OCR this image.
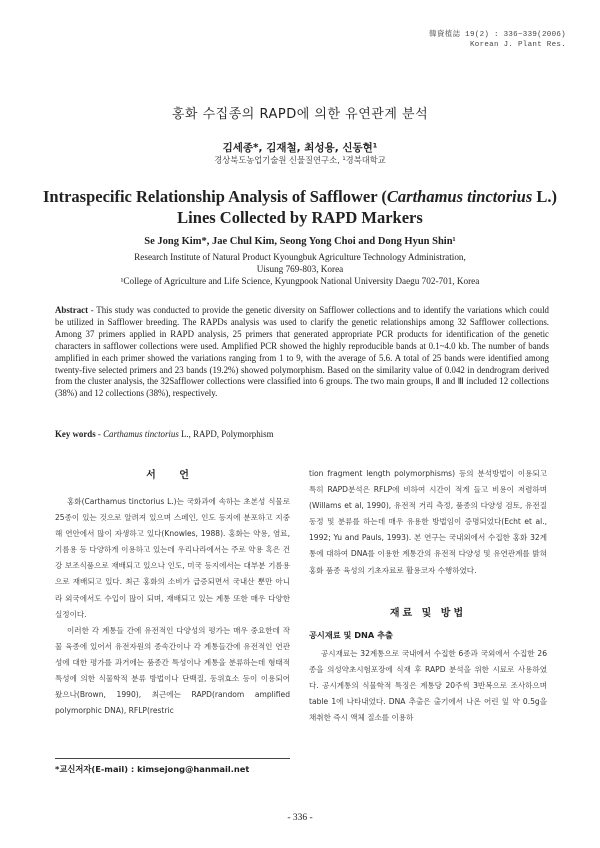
韓資植誌 19(2) : 336~339(2006)
Korean J. Plant Res.
홍화 수집종의 RAPD에 의한 유연관계 분석
김세종*, 김재철, 최성용, 신동현¹
경상북도농업기술원 신물질연구소, ¹경북대학교
Intraspecific Relationship Analysis of Safflower (Carthamus tinctorius L.) Lines Collected by RAPD Markers
Se Jong Kim*, Jae Chul Kim, Seong Yong Choi and Dong Hyun Shin¹
Research Institute of Natural Product Kyoungbuk Agriculture Technology Administration,
Uisung 769-803, Korea
¹College of Agriculture and Life Science, Kyungpook National University Daegu 702-701, Korea
Abstract - This study was conducted to provide the genetic diversity on Safflower collections and to identify the variations which could be utilized in Safflower breeding. The RAPDs analysis was used to clarify the genetic relationships among 32 Safflower collections. Among 37 primers applied in RAPD analysis, 25 primers that generated appropriate PCR products for identification of the genetic characters in safflower collections were used. Amplified PCR showed the highly reproducible bands at 0.1~4.0 kb. The number of bands amplified in each primer showed the variations ranging from 1 to 9, with the average of 5.6. A total of 25 bands were identified among twenty-five selected primers and 23 bands (19.2%) showed polymorphism. Based on the similarity value of 0.042 in dendrogram derived from the cluster analysis, the 32Safflower collections were classified into 6 groups. The two main groups, Ⅱ and Ⅲ included 12 collections (38%) and 12 collections (38%), respectively.
Key words - Carthamus tinctorius L., RAPD, Polymorphism
서 언

홍화(Carthamus tinctorius L.)는 국화과에 속하는 초본성 식물로 25종이 있는 것으로 알려져 있으며 스페인, 인도 등지에 분포하고 지중해 연안에서 많이 자생하고 있다(Knowles, 1988). 홍화는 약용, 염료, 기름용 등 다양하게 이용하고 있는데 우리나라에서는 주로 약용 혹은 건강 보조식품으로 재배되고 있으나 인도, 미국 등지에서는 대부분 기름용으로 재배되고 있다. 최근 홍화의 소비가 급증되면서 국내산 뿐만 아니라 외국에서도 수입이 많이 되며, 재배되고 있는 계통 또한 매우 다양한 실정이다.

이러한 각 계통들 간에 유전적인 다양성의 평가는 매우 중요한데 작물 육종에 있어서 유전자원의 종속간이나 각 계통들간에 유전적인 연관성에 대한 평가를 과거에는 품종간 특성이나 계통을 분류하는데 형태적 특성에 의한 식물학적 분류 방법이나 단백질, 동위효소 등이 이용되어 왔으나(Brown, 1990), 최근에는 RAPD(random amplified polymorphic DNA), RFLP(restric

tion fragment length polymorphisms) 등의 분석방법이 이용되고 특히 RAPD분석은 RFLP에 비하여 시간이 적게 들고 비용이 저렴하며(Willams et al, 1990), 유전적 거리 측정, 품종의 다양성 검토, 유전질동정 및 분류를 하는데 매우 유용한 방법임이 증명되었다(Echt et al., 1992; Yu and Pauls, 1993). 본 연구는 국내외에서 수집한 홍화 32계통에 대하여 DNA를 이용한 계통간의 유전적 다양성 및 유연관계를 밝혀 홍화 품종 육성의 기초자료로 활용코자 수행하였다.

재료 및 방법
공시재료 및 DNA 추출

공시재료는 32계통으로 국내에서 수집한 6종과 국외에서 수집한 26종을 의성약초시험포장에 식재 후 RAPD 분석을 위한 시료로 사용하였다. 공시계통의 식물학적 특징은 계통당 20주씩 3반복으로 조사하으며 table 1에 나타내었다. DNA 추출은 출기에서 나온 어린 잎 약 0.5g을 채취한 즉시 액체 질소를 이용하

*교신저자(E-mail) : kimsejong@hanmail.net
- 336 -
